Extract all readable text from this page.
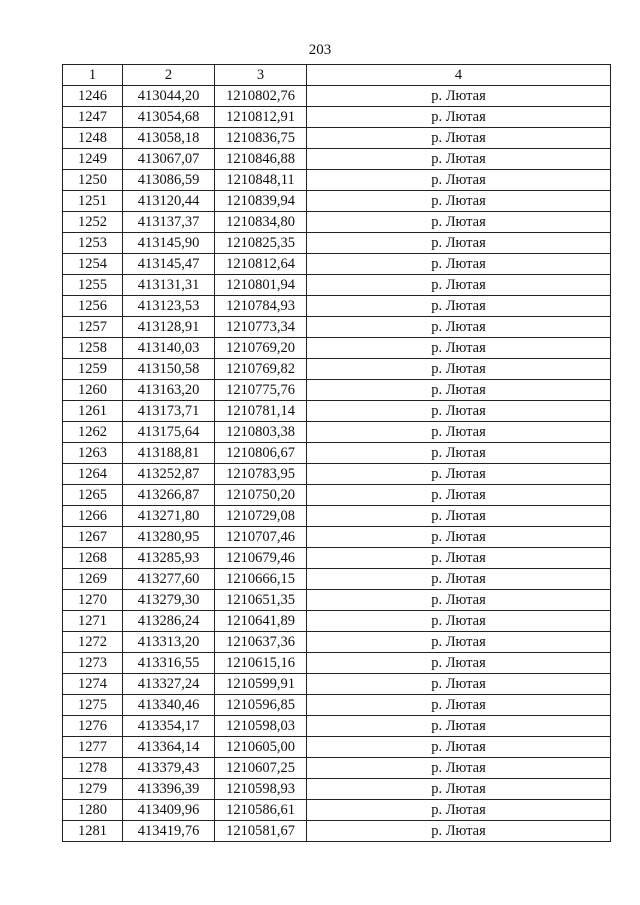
203
1	2	3	4
1246	413044,20	1210802,76	р. Лютая
1247	413054,68	1210812,91	р. Лютая
1248	413058,18	1210836,75	р. Лютая
1249	413067,07	1210846,88	р. Лютая
1250	413086,59	1210848,11	р. Лютая
1251	413120,44	1210839,94	р. Лютая
1252	413137,37	1210834,80	р. Лютая
1253	413145,90	1210825,35	р. Лютая
1254	413145,47	1210812,64	р. Лютая
1255	413131,31	1210801,94	р. Лютая
1256	413123,53	1210784,93	р. Лютая
1257	413128,91	1210773,34	р. Лютая
1258	413140,03	1210769,20	р. Лютая
1259	413150,58	1210769,82	р. Лютая
1260	413163,20	1210775,76	р. Лютая
1261	413173,71	1210781,14	р. Лютая
1262	413175,64	1210803,38	р. Лютая
1263	413188,81	1210806,67	р. Лютая
1264	413252,87	1210783,95	р. Лютая
1265	413266,87	1210750,20	р. Лютая
1266	413271,80	1210729,08	р. Лютая
1267	413280,95	1210707,46	р. Лютая
1268	413285,93	1210679,46	р. Лютая
1269	413277,60	1210666,15	р. Лютая
1270	413279,30	1210651,35	р. Лютая
1271	413286,24	1210641,89	р. Лютая
1272	413313,20	1210637,36	р. Лютая
1273	413316,55	1210615,16	р. Лютая
1274	413327,24	1210599,91	р. Лютая
1275	413340,46	1210596,85	р. Лютая
1276	413354,17	1210598,03	р. Лютая
1277	413364,14	1210605,00	р. Лютая
1278	413379,43	1210607,25	р. Лютая
1279	413396,39	1210598,93	р. Лютая
1280	413409,96	1210586,61	р. Лютая
1281	413419,76	1210581,67	р. Лютая
